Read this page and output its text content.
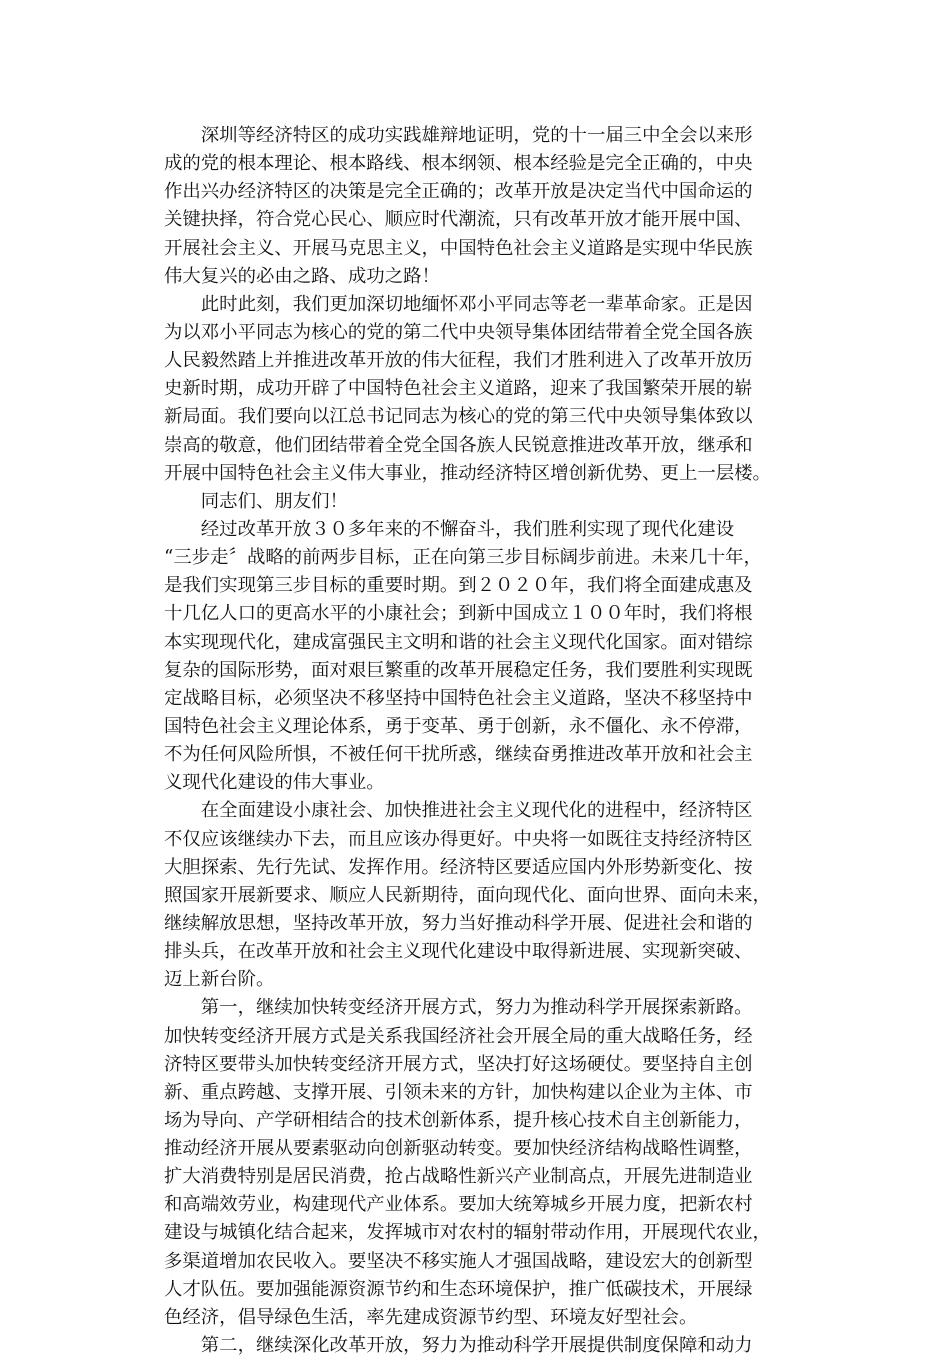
　　深圳等经济特区的成功实践雄辩地证明，党的十一届三中全会以来形
成的党的根本理论、根本路线、根本纲领、根本经验是完全正确的，中央
作出兴办经济特区的决策是完全正确的；改革开放是决定当代中国命运的
关键抉择，符合党心民心、顺应时代潮流，只有改革开放才能开展中国、
开展社会主义、开展马克思主义，中国特色社会主义道路是实现中华民族
伟大复兴的必由之路、成功之路！
　　此时此刻，我们更加深切地缅怀邓小平同志等老一辈革命家。正是因
为以邓小平同志为核心的党的第二代中央领导集体团结带着全党全国各族
人民毅然踏上并推进改革开放的伟大征程，我们才胜利进入了改革开放历
史新时期，成功开辟了中国特色社会主义道路，迎来了我国繁荣开展的崭
新局面。我们要向以江总书记同志为核心的党的第三代中央领导集体致以
崇高的敬意，他们团结带着全党全国各族人民锐意推进改革开放，继承和
开展中国特色社会主义伟大事业，推动经济特区增创新优势、更上一层楼。
　　同志们、朋友们！
　　经过改革开放３０多年来的不懈奋斗，我们胜利实现了现代化建设
“三步走〞战略的前两步目标，正在向第三步目标阔步前进。未来几十年，
是我们实现第三步目标的重要时期。到２０２０年，我们将全面建成惠及
十几亿人口的更高水平的小康社会；到新中国成立１００年时，我们将根
本实现现代化，建成富强民主文明和谐的社会主义现代化国家。面对错综
复杂的国际形势，面对艰巨繁重的改革开展稳定任务，我们要胜利实现既
定战略目标，必须坚决不移坚持中国特色社会主义道路，坚决不移坚持中
国特色社会主义理论体系，勇于变革、勇于创新，永不僵化、永不停滞，
不为任何风险所惧，不被任何干扰所惑，继续奋勇推进改革开放和社会主
义现代化建设的伟大事业。
　　在全面建设小康社会、加快推进社会主义现代化的进程中，经济特区
不仅应该继续办下去，而且应该办得更好。中央将一如既往支持经济特区
大胆探索、先行先试、发挥作用。经济特区要适应国内外形势新变化、按
照国家开展新要求、顺应人民新期待，面向现代化、面向世界、面向未来，
继续解放思想，坚持改革开放，努力当好推动科学开展、促进社会和谐的
排头兵，在改革开放和社会主义现代化建设中取得新进展、实现新突破、
迈上新台阶。
　　第一，继续加快转变经济开展方式，努力为推动科学开展探索新路。
加快转变经济开展方式是关系我国经济社会开展全局的重大战略任务，经
济特区要带头加快转变经济开展方式，坚决打好这场硬仗。要坚持自主创
新、重点跨越、支撑开展、引领未来的方针，加快构建以企业为主体、市
场为导向、产学研相结合的技术创新体系，提升核心技术自主创新能力，
推动经济开展从要素驱动向创新驱动转变。要加快经济结构战略性调整，
扩大消费特别是居民消费，抢占战略性新兴产业制高点，开展先进制造业
和高端效劳业，构建现代产业体系。要加大统筹城乡开展力度，把新农村
建设与城镇化结合起来，发挥城市对农村的辐射带动作用，开展现代农业，
多渠道增加农民收入。要坚决不移实施人才强国战略，建设宏大的创新型
人才队伍。要加强能源资源节约和生态环境保护，推广低碳技术，开展绿
色经济，倡导绿色生活，率先建成资源节约型、环境友好型社会。
　　第二，继续深化改革开放，努力为推动科学开展提供制度保障和动力
